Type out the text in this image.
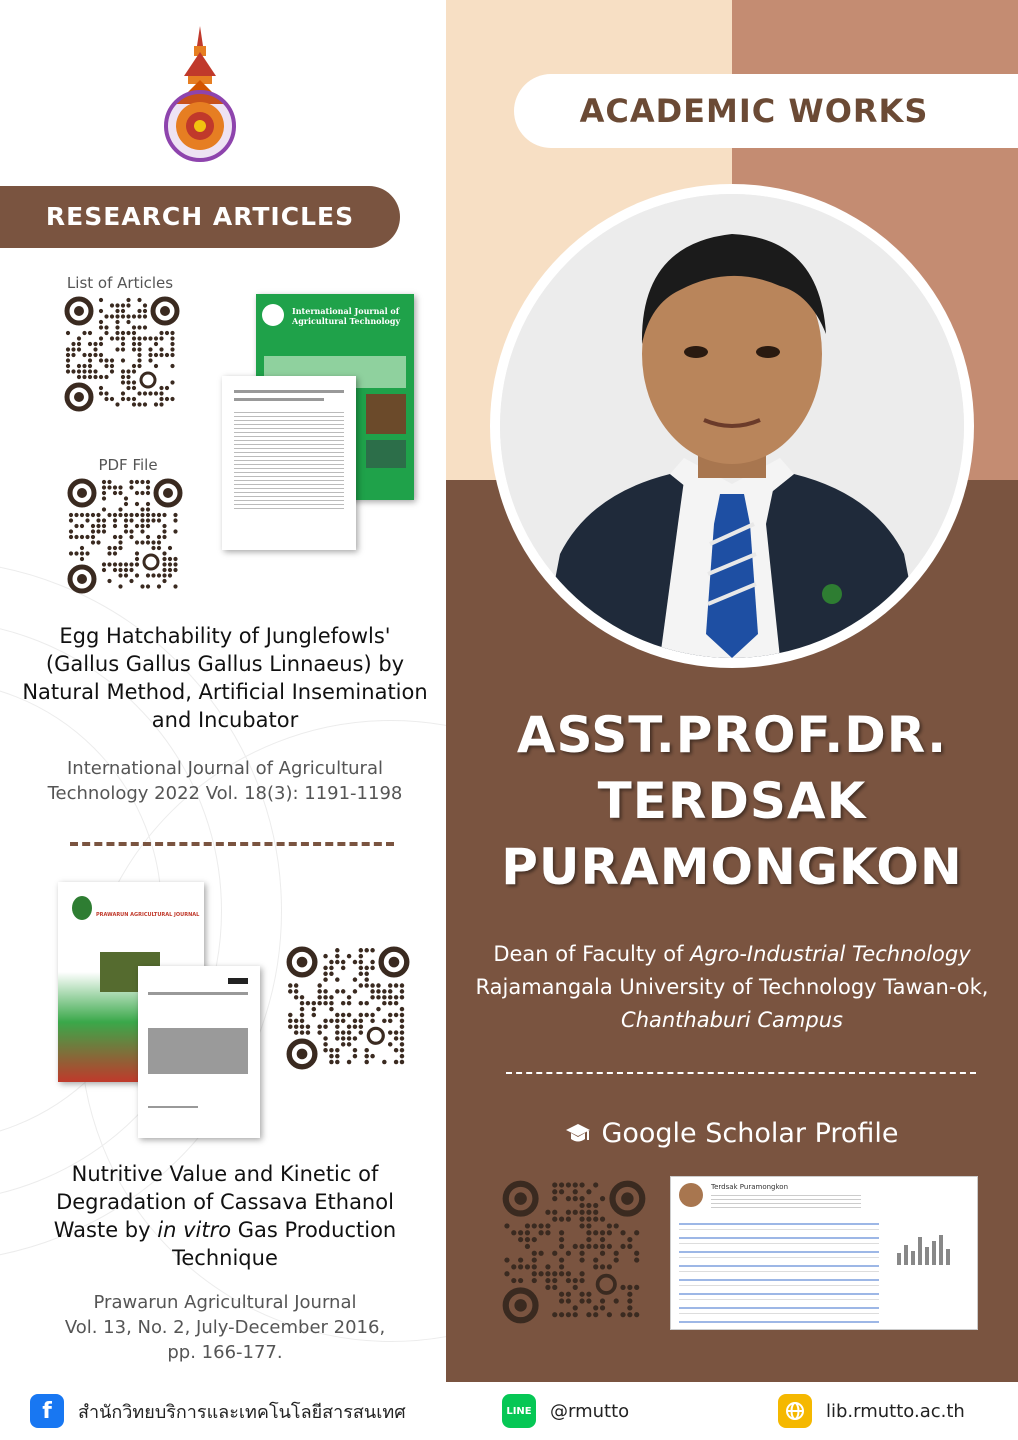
RESEARCH ARTICLES
List of Articles
PDF File
International Journal of Agricultural Technology
Egg Hatchability of Junglefowls' (Gallus Gallus Gallus Linnaeus) by Natural Method, Artificial Insemination and Incubator
International Journal of Agricultural Technology 2022 Vol. 18(3): 1191-1198
PRAWARUN AGRICULTURAL JOURNAL
Nutritive Value and Kinetic of Degradation of Cassava Ethanol Waste by in vitro Gas Production Technique
Prawarun Agricultural Journal
Vol. 13, No. 2, July-December 2016,
pp. 166-177.
ACADEMIC WORKS
ASST.PROF.DR.
TERDSAK
PURAMONGKON
Dean of Faculty of Agro-Industrial Technology
Rajamangala University of Technology Tawan-ok,
Chanthaburi Campus
Google Scholar Profile
Terdsak Puramongkon
f	สำนักวิทยบริการและเทคโนโลยีสารสนเทศ	LINE @rmutto	lib.rmutto.ac.th
